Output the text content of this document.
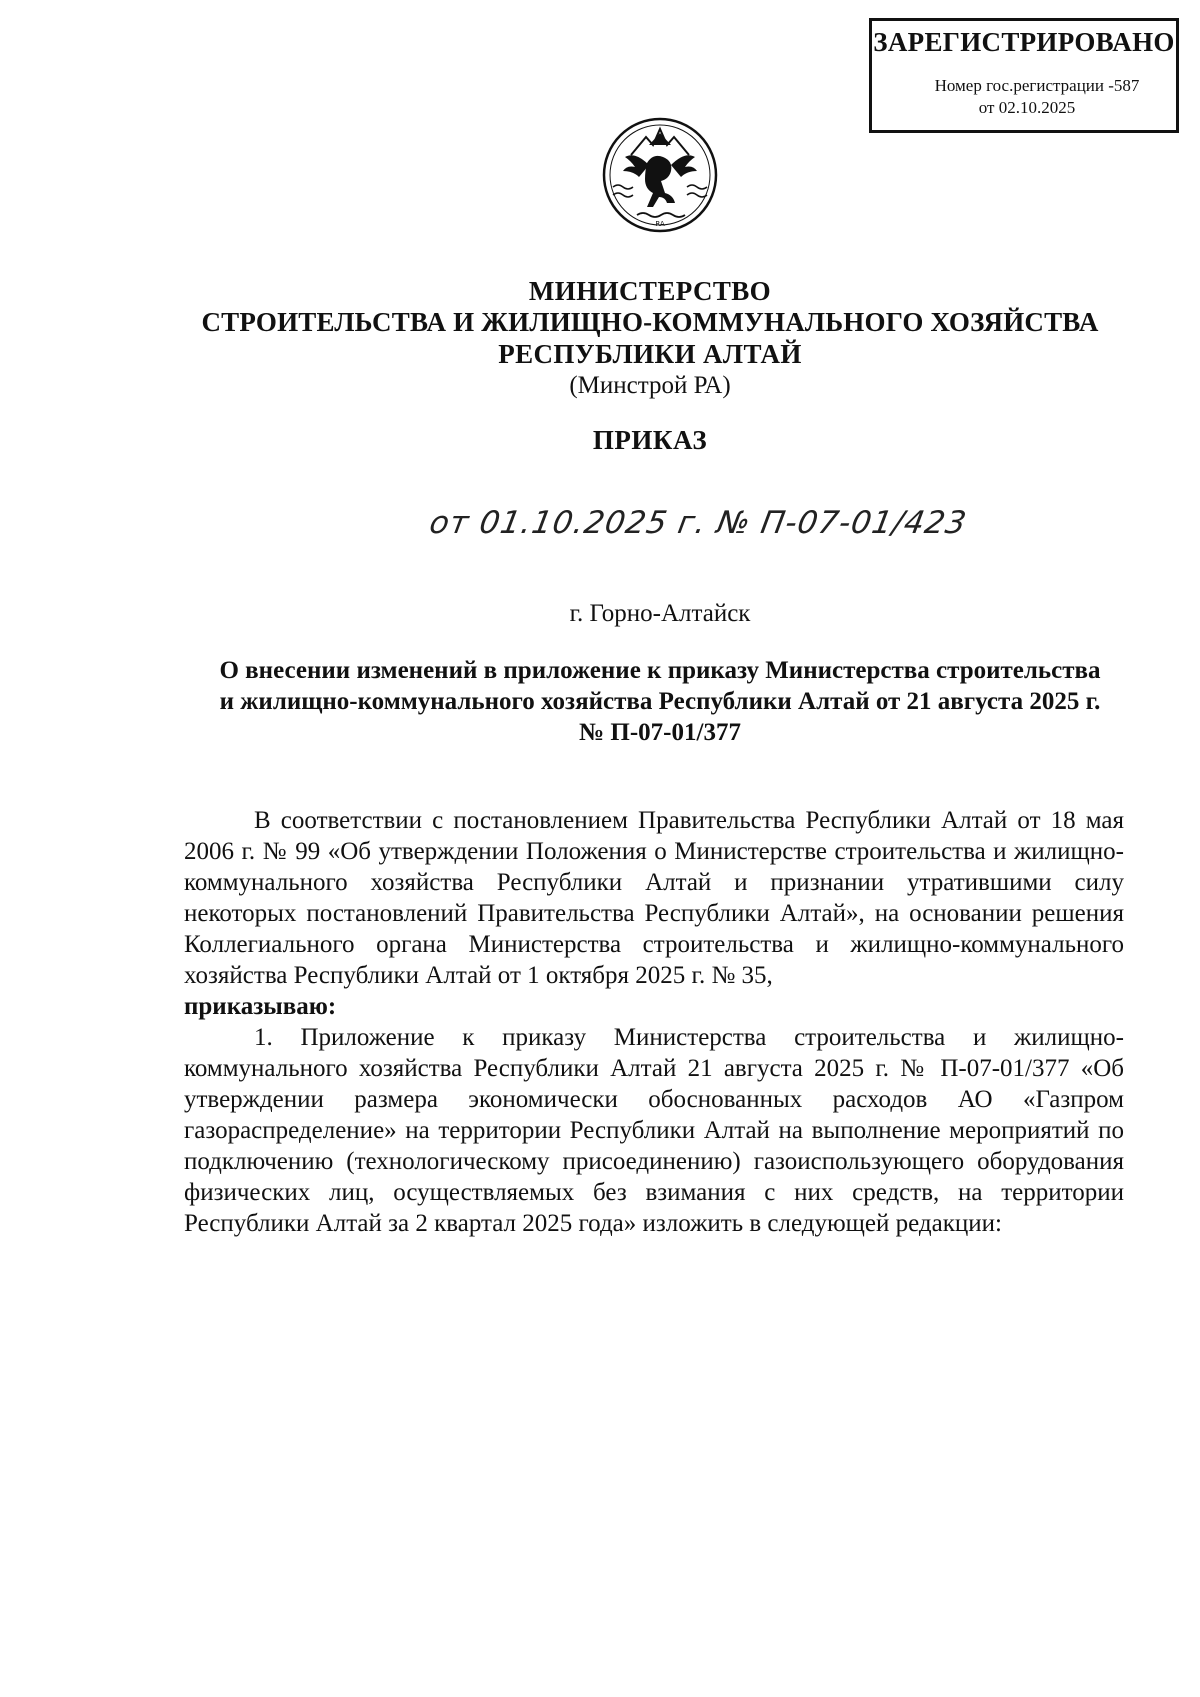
ЗАРЕГИСТРИРОВАНО
Номер гос.регистрации -587
от 02.10.2025
RA
МИНИСТЕРСТВО
СТРОИТЕЛЬСТВА И ЖИЛИЩНО-КОММУНАЛЬНОГО ХОЗЯЙСТВА
РЕСПУБЛИКИ АЛТАЙ
(Минстрой РА)
ПРИКАЗ
от 01.10.2025 г. № П-07-01/423
г. Горно-Алтайск
О внесении изменений в приложение к приказу Министерства строительства
и жилищно-коммунального хозяйства Республики Алтай от 21 августа 2025 г.
№ П-07-01/377

В соответствии с постановлением Правительства Республики Алтай от 18 мая 2006 г. № 99 «Об утверждении Положения о Министерстве строительства и жилищно-коммунального хозяйства Республики Алтай и признании утратившими силу некоторых постановлений Правительства Республики Алтай», на основании решения Коллегиального органа Министерства строительства и жилищно-коммунального хозяйства Республики Алтай от 1 октября 2025 г. № 35,

приказываю:

1. Приложение к приказу Министерства строительства и жилищно-коммунального хозяйства Республики Алтай 21 августа 2025 г. № П-07-01/377 «Об утверждении размера экономически обоснованных расходов АО «Газпром газораспределение» на территории Республики Алтай на выполнение мероприятий по подключению (технологическому присоединению) газоиспользующего оборудования физических лиц, осуществляемых без взимания с них средств, на территории Республики Алтай за 2 квартал 2025 года» изложить в следующей редакции:
